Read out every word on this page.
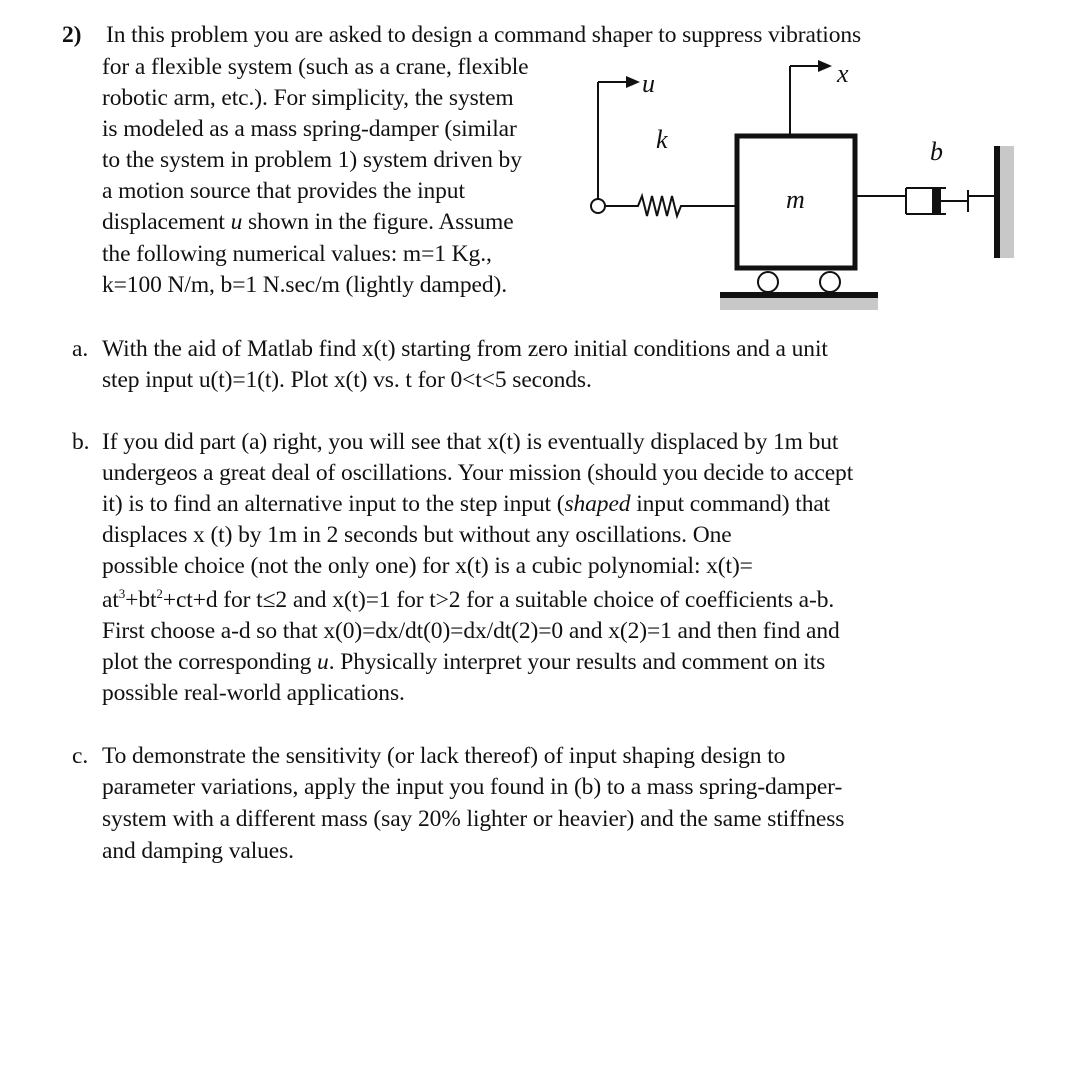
2) In this problem you are asked to design a command shaper to suppress vibrations
for a flexible system (such as a crane, flexible
robotic arm, etc.). For simplicity, the system
is modeled as a mass spring-damper (similar
to the system in problem 1) system driven by
a motion source that provides the input
displacement u shown in the figure. Assume
the following numerical values: m=1 Kg.,
k=100 N/m, b=1 N.sec/m (lightly damped).
u
k
x
m
b
a. With the aid of Matlab find x(t) starting from zero initial conditions and a unit
step input u(t)=1(t). Plot x(t) vs. t for 0<t<5 seconds.
b. If you did part (a) right, you will see that x(t) is eventually displaced by 1m but
undergeos a great deal of oscillations. Your mission (should you decide to accept
it) is to find an alternative input to the step input (shaped input command) that
displaces x (t) by 1m in 2 seconds but without any oscillations. One
possible choice (not the only one) for x(t) is a cubic polynomial: x(t)=
$at^3+bt^2+ct+d$ for t≤2 and x(t)=1 for t>2 for a suitable choice of coefficients a-b.
First choose a-d so that x(0)=dx/dt(0)=dx/dt(2)=0 and x(2)=1 and then find and
plot the corresponding u. Physically interpret your results and comment on its
possible real-world applications.
c. To demonstrate the sensitivity (or lack thereof) of input shaping design to
parameter variations, apply the input you found in (b) to a mass spring-damper-
system with a different mass (say 20% lighter or heavier) and the same stiffness
and damping values.
